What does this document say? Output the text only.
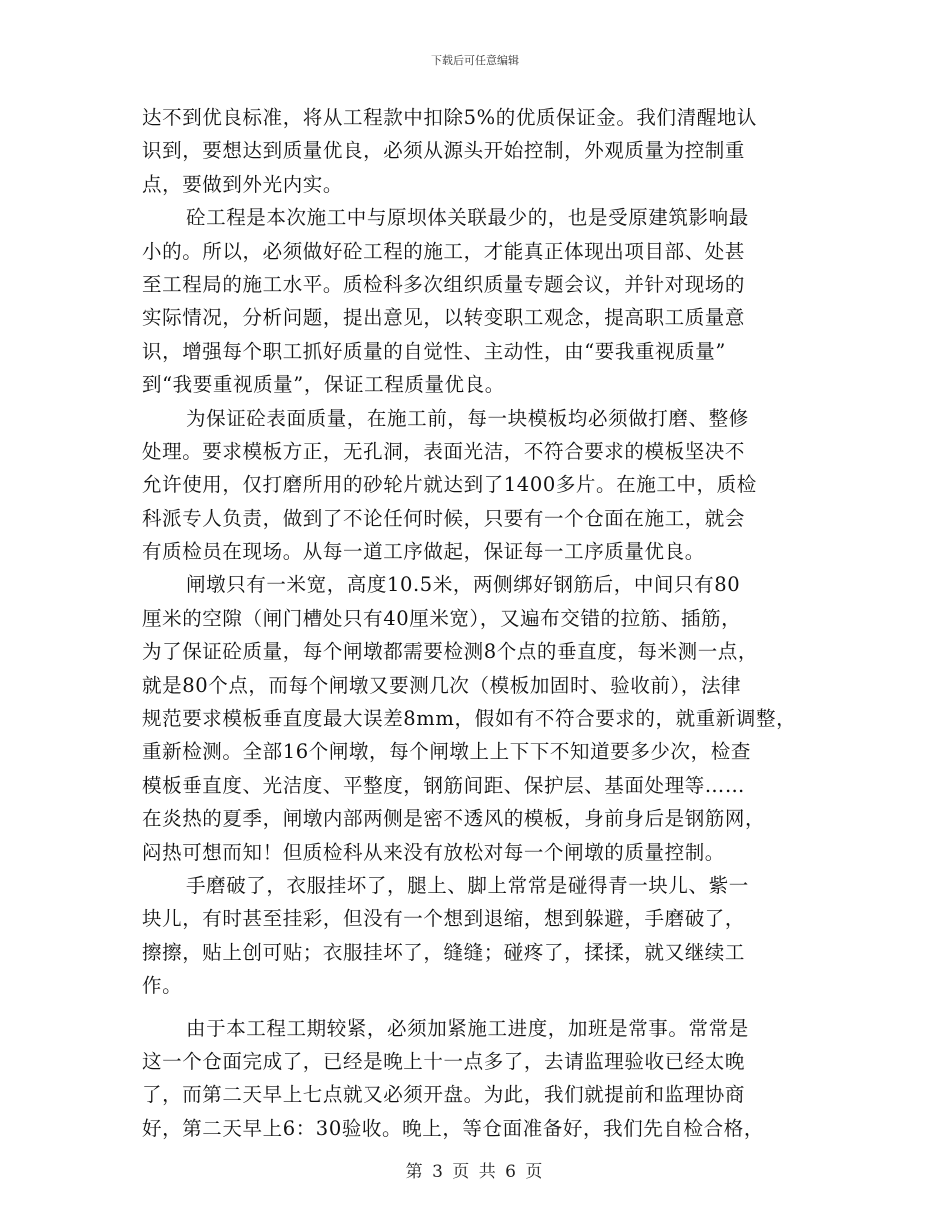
下载后可任意编辑
达不到优良标准，将从工程款中扣除5%的优质保证金。我们清醒地认
识到，要想达到质量优良，必须从源头开始控制，外观质量为控制重
点，要做到外光内实。
砼工程是本次施工中与原坝体关联最少的，也是受原建筑影响最
小的。所以，必须做好砼工程的施工，才能真正体现出项目部、处甚
至工程局的施工水平。质检科多次组织质量专题会议，并针对现场的
实际情况，分析问题，提出意见，以转变职工观念，提高职工质量意
识，增强每个职工抓好质量的自觉性、主动性，由“要我重视质量”
到“我要重视质量”，保证工程质量优良。
为保证砼表面质量，在施工前，每一块模板均必须做打磨、整修
处理。要求模板方正，无孔洞，表面光洁，不符合要求的模板坚决不
允许使用，仅打磨所用的砂轮片就达到了1400多片。在施工中，质检
科派专人负责，做到了不论任何时候，只要有一个仓面在施工，就会
有质检员在现场。从每一道工序做起，保证每一工序质量优良。
闸墩只有一米宽，高度10.5米，两侧绑好钢筋后，中间只有80
厘米的空隙（闸门槽处只有40厘米宽），又遍布交错的拉筋、插筋，
为了保证砼质量，每个闸墩都需要检测8个点的垂直度，每米测一点，
就是80个点，而每个闸墩又要测几次（模板加固时、验收前），法律
规范要求模板垂直度最大误差8mm，假如有不符合要求的，就重新调整，
重新检测。全部16个闸墩，每个闸墩上上下下不知道要多少次，检查
模板垂直度、光洁度、平整度，钢筋间距、保护层、基面处理等……
在炎热的夏季，闸墩内部两侧是密不透风的模板，身前身后是钢筋网，
闷热可想而知！但质检科从来没有放松对每一个闸墩的质量控制。
手磨破了，衣服挂坏了，腿上、脚上常常是碰得青一块儿、紫一
块儿，有时甚至挂彩，但没有一个想到退缩，想到躲避，手磨破了，
擦擦，贴上创可贴；衣服挂坏了，缝缝；碰疼了，揉揉，就又继续工
作。
由于本工程工期较紧，必须加紧施工进度，加班是常事。常常是
这一个仓面完成了，已经是晚上十一点多了，去请监理验收已经太晚
了，而第二天早上七点就又必须开盘。为此，我们就提前和监理协商
好，第二天早上6：30验收。晚上，等仓面准备好，我们先自检合格，
第 3 页 共 6 页
